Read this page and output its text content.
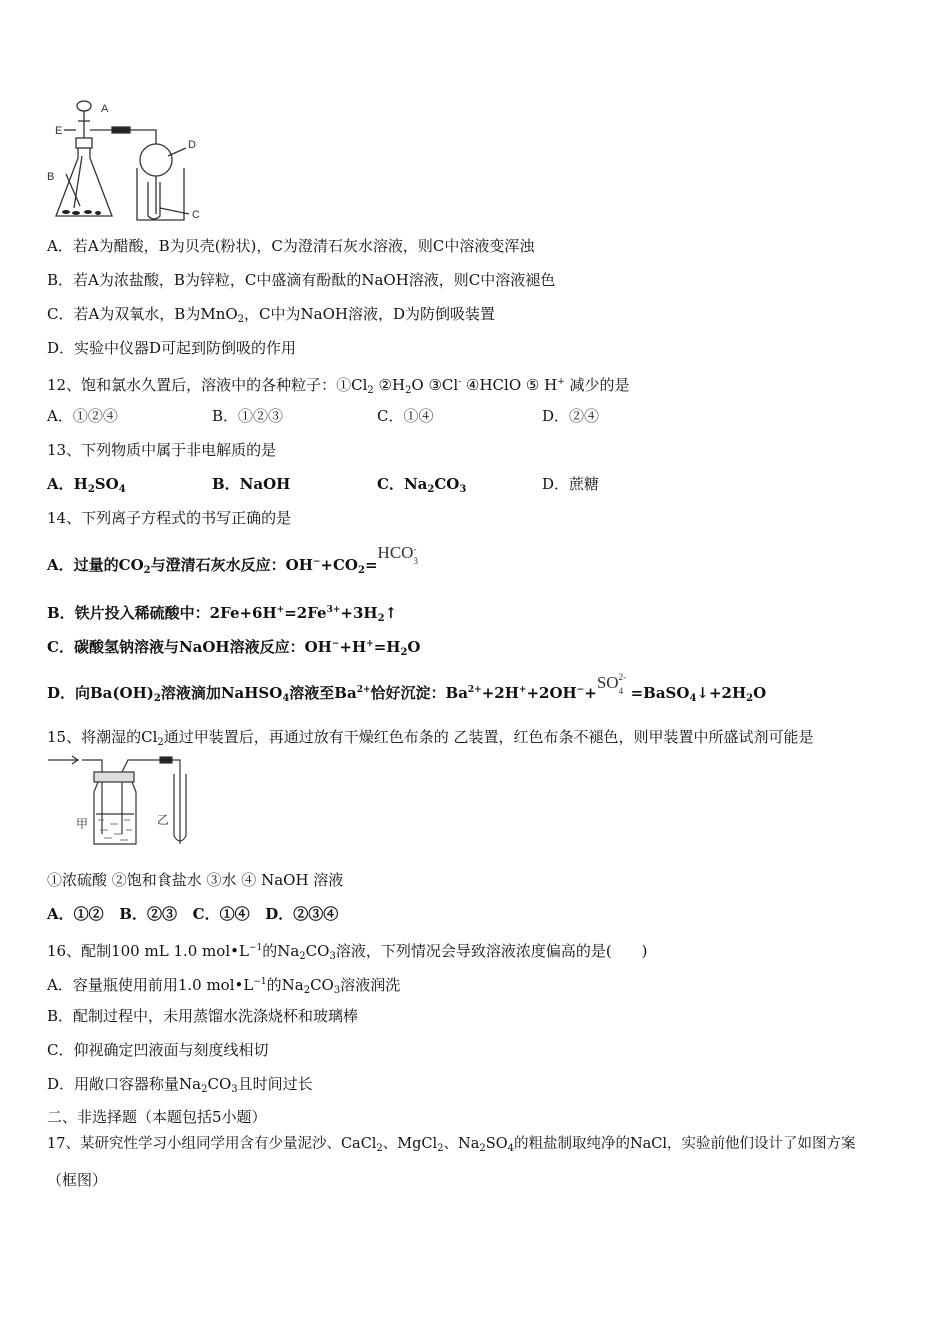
A
E
B
D
C
A．若A为醋酸，B为贝壳(粉状)，C为澄清石灰水溶液，则C中溶液变浑浊
B．若A为浓盐酸，B为锌粒，C中盛滴有酚酞的NaOH溶液，则C中溶液褪色
C．若A为双氧水，B为MnO$_2$，C中为NaOH溶液，D为防倒吸装置
D．实验中仪器D可起到防倒吸的作用
12、饱和氯水久置后，溶液中的各种粒子：$①Cl_2$ $②H_2O$ ③Cl- ④HClO ⑤ H+ 减少的是
A．①②④	B．①②③	C．①④	D．②④
13、下列物质中属于非电解质的是
A．$H_2SO_4$	B．NaOH	C．$Na_2CO_3$	D．蔗糖
14、下列离子方程式的书写正确的是
A．过量的$CO_2$与澄清石灰水反应：$OH^-+CO_2=HCO$ -
3
B．铁片投入稀硫酸中：$2Fe+6H^+=2Fe^{3+}+3H_2↑$
C．碳酸氢钠溶液与NaOH溶液反应：$OH^-+H^+=H_2O$
D．向$Ba(OH)_2$溶液滴加NaHSO$_4$溶液至$Ba^{2+}$恰好沉淀：$Ba^{2+}+2H^++2OH^-+SO$ 2-
$4 =BaSO_4↓+2H_2O$
15、将潮湿的$Cl_2$通过甲装置后，再通过放有干燥红色布条的 乙装置，红色布条不褪色，则甲装置中所盛试剂可能是
甲	乙
①浓硫酸 ②饱和食盐水 ③水 ④ NaOH 溶液
A．①②   B．②③   C．①④   D．②③④
16、配制100 mL 1.0 $mol•L^{-1}$的$Na_2CO_3$溶液，下列情况会导致溶液浓度偏高的是(　　)
A．容量瓶使用前用1.0 $mol•L^{-1}$的$Na_2CO_3$溶液润洗
B．配制过程中，未用蒸馏水洗涤烧杯和玻璃棒
C．仰视确定凹液面与刻度线相切
D．用敞口容器称量$Na_2CO_3$且时间过长
二、非选择题（本题包括5小题）
17、某研究性学习小组同学用含有少量泥沙、CaCl$_2$、MgCl$_2$、$Na_2SO_4$的粗盐制取纯净的NaCl，实验前他们设计了如图方案
（框图）
